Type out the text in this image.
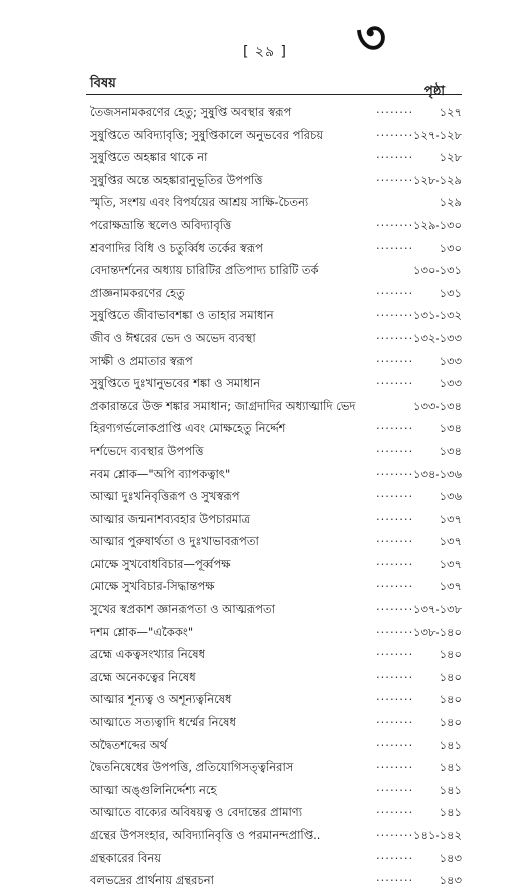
[ ২৯ ]	৩
বিষয়
পৃষ্ঠা
তৈজসনামকরণের হেতু; সুষুপ্তি অবস্থার স্বরূপ	........ ১২৭
সুষুপ্তিতে অবিদ্যাবৃত্তি; সুষুপ্তিকালে অনুভবের পরিচয়	........ ১২৭-১২৮
সুষুপ্তিতে অহঙ্কার থাকে না	........ ১২৮
সুষুপ্তির অন্তে অহঙ্কারানুভূতির উপপত্তি	........ ১২৮-১২৯
স্মৃতি, সংশয় এবং বিপর্যয়ের আশ্রয় সাক্ষি-চৈতন্য	১২৯
পরোক্ষভ্রান্তি স্থলেও অবিদ্যাবৃত্তি	........ ১২৯-১৩০
শ্রবণাদির বিধি ও চতুর্ব্বিধ তর্কের স্বরূপ	........ ১৩০
বেদান্তদর্শনের অধ্যায় চারিটির প্রতিপাদ্য চারিটি তর্ক	১৩০-১৩১
প্রাজ্ঞনামকরণের হেতু	........ ১৩১
সুষুপ্তিতে জীবাভাবশঙ্কা ও তাহার সমাধান	........ ১৩১-১৩২
জীব ও ঈশ্বরের ভেদ ও অভেদ ব্যবস্থা	........ ১৩২-১৩৩
সাক্ষী ও প্রমাতার স্বরূপ	........ ১৩৩
সুষুপ্তিতে দুঃখানুভবের শঙ্কা ও সমাধান	........ ১৩৩
প্রকারান্তরে উক্ত শঙ্কার সমাধান; জাগ্রদাদির অধ্যাত্মাদি ভেদ	১৩৩-১৩৪
হিরণ্যগর্ভলোকপ্রাপ্তি এবং মোক্ষহেতু নির্দ্দেশ	........ ১৩৪
দর্শভেদে ব্যবস্থার উপপত্তি	........ ১৩৪
নবম শ্লোক—"অপি ব্যাপকত্বাৎ"	........ ১৩৪-১৩৬
আত্মা দুঃখনিবৃত্তিরূপ ও সুখস্বরূপ	........ ১৩৬
আত্মার জন্মনাশব্যবহার উপচারমাত্র	........ ১৩৭
আত্মার পুরুষার্থতা ও দুঃখাভাবরূপতা	........ ১৩৭
মোক্ষে সুখবোধবিচার—পূর্ব্বপক্ষ	........ ১৩৭
মোক্ষে সুখবিচার-সিদ্ধান্তপক্ষ	........ ১৩৭
সুখের স্বপ্রকাশ জ্ঞানরূপতা ও আত্মরূপতা	........ ১৩৭-১৩৮
দশম শ্লোক—"একৈকং"	........ ১৩৮-১৪০
ব্রহ্মে একত্বসংখ্যার নিষেধ	........ ১৪০
ব্রহ্মে অনেকত্বের নিষেধ	........ ১৪০
আত্মার শূন্যত্ব ও অশূন্যত্বনিষেধ	........ ১৪০
আত্মাতে সত্যত্বাদি ধর্ম্মের নিষেধ	........ ১৪০
অদ্বৈতশব্দের অর্থ	........ ১৪১
দ্বৈতনিষেধের উপপত্তি, প্রতিযোগিসত্ত্বনিরাস	........ ১৪১
আত্মা অঙ্গুলিনির্দ্দেশ্য নহে	........ ১৪১
আত্মাতে বাক্যের অবিষয়ত্ব ও বেদান্তের প্রামাণ্য	........ ১৪১
গ্রন্থের উপসংহার, অবিদ্যানিবৃত্তি ও পরমানন্দপ্রাপ্তি..	........ ১৪১-১৪২
গ্রন্থকারের বিনয়	........ ১৪৩
বলভদ্রের প্রার্থনায় গ্রন্থরচনা	........ ১৪৩
